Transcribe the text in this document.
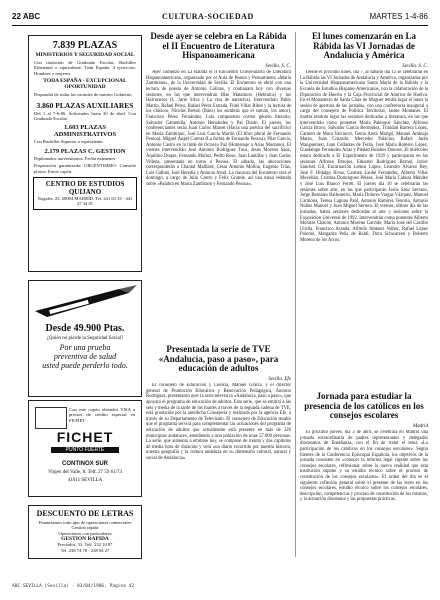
22 ABC	CULTURA-SOCIEDAD	MARTES 1-4-86
7.839 PLAZAS
MINISTERIOS Y SEGURIDAD SOCIAL
Con titulación de Graduado Escolar, Bachiller Elemental o equivalente. Toda España. 4 ejercicios. Hombres y mujeres.
TODA ESPAÑA - EXCEPCIONAL OPORTUNIDAD
Dispondrá de todas las vacantes de nuestro Gobierno.
3.860 PLAZAS AUXILIARES
Del 1 al 7-6-86. Solicitudes hasta 30 de abril. Con Graduado Escolar.
1.603 PLAZAS ADMINISTRATIVOS
Con Bachiller Superior o equivalente.
2.179 PLAZAS C. GESTION
Diplomados universitarios. Fecha exámenes.
Preparación garantizada: URGENTISIMO. Consulte plazos. Envíe cupón.
CENTRO DE ESTUDIOS QUIJANO
Nogales, 23. 28004 MADRID. Tel. 441 63 33 - 441 27 34 81
Desde 49.900 Ptas.
¿Quién no pierde la Seguridad Social?
Por una prueba
preventiva de salud
usted puede perderlo todo.
Con este cupón obtendrá VISA a precios de crédito especial en FICHET
FICHET
PUNTO FUERTE
CONTINOX SUR
Virgen del Valle, 8. Telf. 27 59 61/73
41011 SEVILLA
DESCUENTO DE LETRAS
Financiamos todo tipo de operaciones comerciales
Gestión rápida
Operaciones con particulares
GESTION RAPIDA
Preciados, 33. Telf. 232 10 87
Tel. 238 74 78 - 238 84 27
Desde ayer se celebra en La Rábida el II Encuentro de Literatura Hispanoamericana
Sevilla. S. C.

Ayer comenzó en La Rábida el II Encuentro Universitario de Literatura Hispanoamericana, organizado por el Aula de Poesía y Pensamiento «María Zambrano», de la Universidad de Sevilla. El Encuentro se abrió con una lectura de poesía de Antonio Colinas, y continuará hoy con diversas sesiones, en las que intervendrán Blas Matamoro (Hebraica) y los Halconeros (L. Jarre Silva y La visa de narrativa). Intervendrán Pablo Martín, Rafael Pérez, Rafael Pérez Estrada, Fidel Villar Ribot y la lectura de los clásicos, Nicolás Bréton (Báez) los sombras que el suman, los amor), Francisco Pérez Fernández, Lola compuestos corren género literario, Salvador Gamendia, Antonio Hernández y Pal Durán. El jueves, los conferenciantes serán Juan Carlos Marset (Hacia una poética del sacrificio) en María Zambrano, José Luis García Martín (El libro plural de Fernando Pessoa), Miguel Ángel Cuevas (La forma de Fernando Pessoa), Pilar García, Antonio Castro en la tarde de Octavio Paz (Homenaje a Arias Montano). El viernes intervendrán José Antonio Rodríguez Tous, Jesús Moreno Sanz, Aquilino Duque, Fernando Muñoz, Pedro Roso, Juan Lamillar y Juan Carlos Villena, presentada en torno a Pessoa. El sábado, las abocuciones corresponderán a Chantal Maillard, César Antonio Molina, Eugenio Trías, Luis Galbán, José Heredia y Antonio Abad. La clausura del Encuentro será el domingo, a cargo de Julio Castro y Felix Grande, así una mesa redonda sobre «Palabra en María Zambrano y Fernando Pessoa».

Presentada la serie de TVE «Andalucía, paso a paso», para educación de adultos
Sevilla. Efe

El consejero de Educación y Ciencia, Manuel Gracia, y el director general de Promoción Educativa y Renovación Pedagógica, Antonio Rodríguez, presentaron ayer la serie televisiva «Andalucía, paso a paso», que apoyará el programa de educación de adultos. Esta serie, que se emitirá a las seis y media de la tarde de los martes a través de la segunda cadena de TVE, está producida por la antedicha Consejería y realizada por la agencia Efe, a través de su Departamento de Televisión. El consejero de Educación resaltó que el programa servirá para complementar las actuaciones del programa de educación de adultos que actualmente está presente en más de 320 municipios andaluces, atendiendo a una población de unas 57.000 personas. La serie, que aumenta a emitirse hoy, se compone de treinta y dos capítulos de media hora de duración y verá «un diario recorrido por nuestra historia, nuestra geografía y la cultura andaluza en su dimensión cultural, natural y social de Andalucía».

El lunes comenzarán en La Rábida las VI Jornadas de Andalucía y América
Sevilla. S. C.

Desde el próximo lunes, día 7, al sábado día 12 se celebrarán en La Rábida las VI Jornadas de Andalucía y América, organizadas por la Universidad Hispanoamericana Santa María de la Rábida y la Escuela de Estudios Hispano-Americanos, con la colaboración de la Diputación de Huelva y la Caja Provincial de Ahorros de Huelva. En el Monasterio de Santa Clara de Moguer tendrá lugar el lunes la sesión de apertura de las jornadas, con una conferencia inaugural a cargo del consejero de Política Territorial, Jaime Montaner. El martes tendrán lugar las sesiones dedicadas a literatura, en las que intervendrán como ponentes María Palenque Sánchez, Alfonso García Bravo, Salvador García Bermúdez, Trinidad Barrera López, Carmen de Mora Valcárcel, Gema Areta Marigó, Manuel Ambiaja Mares, Juan Cruzado, Mercedes Palacios, Rafael Jarén Wanguemert, Juan Collantes de Terán, José María Romero López, Guadalupe Fernández Arias y Piedad Bolaños Donoso. El miércoles estará dedicado a El Experimento de 1929 y participarán en las sesiones Alfonso Braojos, Eduardo Rodríguez Bernal, Javier Sánchez Gil, Encarnación Lemus López, Leandro Álvarez Rey, José F. Hidalgo Rivas, Carmen Lauhé Fernández, Alberto Villar Movellán, Cristina Domínguez Peláez, José María Cabeza Méndez y José Luis Blanco Ferrer. El jueves día 10 se celebrarán las sesiones sobre arte, en las que participarán Jesús Sanz Serrano, Jorge Bernales Ballesteros, María Dolores Vargas Vázquez, Manuel Carmona, Teresa Laguna Paúl, Antonio Ramírez Tenorio, Antonio Núñez Manuel y Juan Miguel Serrera. El viernes, último día de las jornadas, habrá sesiones dedicadas al arte y sesiones sobre la Exposición Universal de 1992. Intervendrán como ponentes Alberto Morales Chacón, Antonio Moreno Garrido, María José del Castillo Utrilla, Francisco Aranda, Alfredo Jiménez Núñez, Rafael López Palomo, Margarita Peña de Baldi, Dora Schwarzen y Roberto Moreno de los Arcos.

Jornada para estudiar la presencia de los católicos en los consejos escolares
Madrid

El próximo jueves, día 3 de abril, se celebrará en Madrid una jornada extraordinaria de padres representantes y delegados diocesanos de Enseñanza, con el fin de tratar el tema «La participación de los católicos en los consejos escolares». Según fuentes de la Conferencia Episcopal Española, los objetivos de la jornada consisten en «conocer la reforma legal vigente sobre los consejos escolares, reflexionar sobre la nueva realidad que esta institución supone y su estudio técnico sobre el proceso de constitución de los consejos escolares». El orden del día es el siguiente: reflexión general sobre el presente de las leyes en los consejos escolares, estudio técnico sobre los consejos escolares, descripción, competencias y proceso de constitución de los mismos, y la actuación diocesana y las propuestas prácticas.

ABC SEVILLA (Sevilla) - 01/04/1986, Página 42
